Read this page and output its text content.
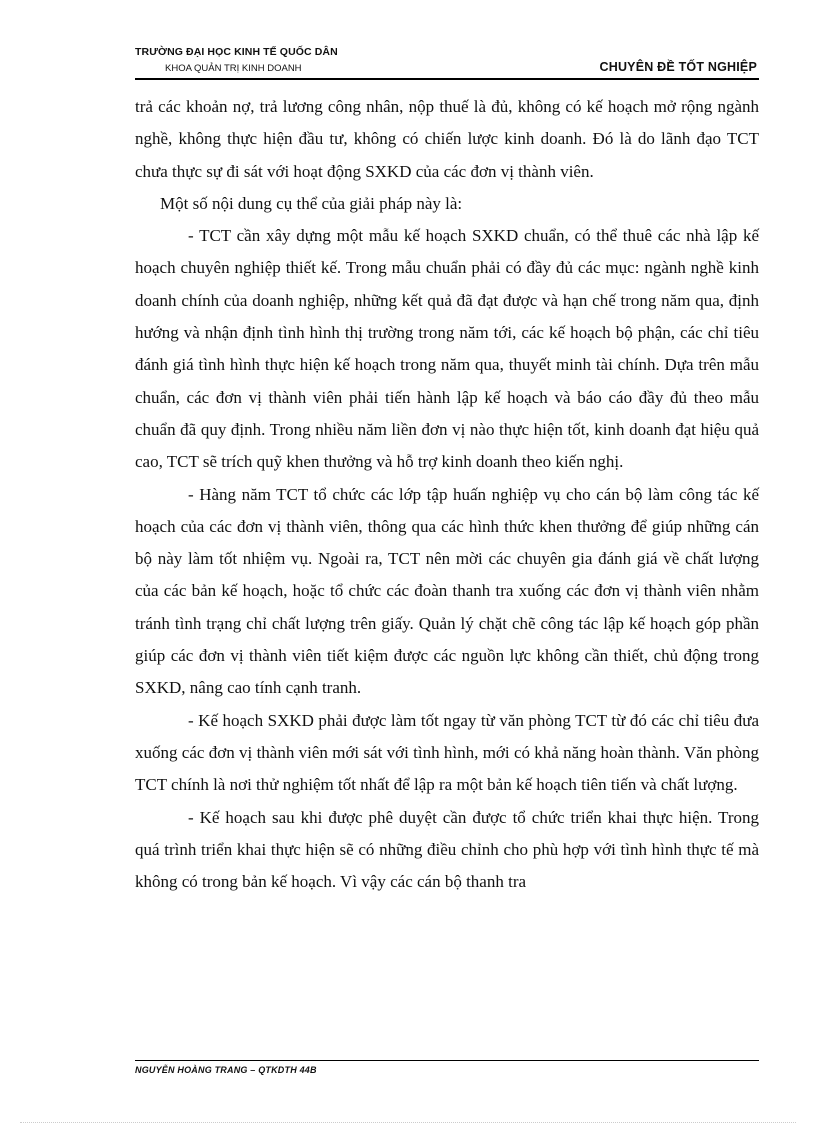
TRƯỜNG ĐẠI HỌC KINH TẾ QUỐC DÂN
KHOA QUẢN TRỊ KINH DOANH	CHUYÊN ĐỀ TỐT NGHIỆP

trả các khoản nợ, trả lương công nhân, nộp thuế là đủ, không có kế hoạch mở rộng ngành nghề, không thực hiện đầu tư, không có chiến lược kinh doanh. Đó là do lãnh đạo TCT chưa thực sự đi sát với hoạt động SXKD của các đơn vị thành viên.

Một số nội dung cụ thể của giải pháp này là:

- TCT cần xây dựng một mẫu kế hoạch SXKD chuẩn, có thể thuê các nhà lập kế hoạch chuyên nghiệp thiết kế. Trong mẫu chuẩn phải có đầy đủ các mục: ngành nghề kinh doanh chính của doanh nghiệp, những kết quả đã đạt được và hạn chế trong năm qua, định hướng và nhận định tình hình thị trường trong năm tới, các kế hoạch bộ phận, các chỉ tiêu đánh giá tình hình thực hiện kế hoạch trong năm qua, thuyết minh tài chính. Dựa trên mẫu chuẩn, các đơn vị thành viên phải tiến hành lập kế hoạch và báo cáo đầy đủ theo mẫu chuẩn đã quy định. Trong nhiều năm liền đơn vị nào thực hiện tốt, kinh doanh đạt hiệu quả cao, TCT sẽ trích quỹ khen thưởng và hỗ trợ kinh doanh theo kiến nghị.

- Hàng năm TCT tổ chức các lớp tập huấn nghiệp vụ cho cán bộ làm công tác kế hoạch của các đơn vị thành viên, thông qua các hình thức khen thưởng để giúp những cán bộ này làm tốt nhiệm vụ. Ngoài ra, TCT nên mời các chuyên gia đánh giá về chất lượng của các bản kế hoạch, hoặc tổ chức các đoàn thanh tra xuống các đơn vị thành viên nhằm tránh tình trạng chỉ chất lượng trên giấy. Quản lý chặt chẽ công tác lập kế hoạch góp phần giúp các đơn vị thành viên tiết kiệm được các nguồn lực không cần thiết, chủ động trong SXKD, nâng cao tính cạnh tranh.

- Kế hoạch SXKD phải được làm tốt ngay từ văn phòng TCT từ đó các chỉ tiêu đưa xuống các đơn vị thành viên mới sát với tình hình, mới có khả năng hoàn thành. Văn phòng TCT chính là nơi thử nghiệm tốt nhất để lập ra một bản kế hoạch tiên tiến và chất lượng.

- Kế hoạch sau khi được phê duyệt cần được tổ chức triển khai thực hiện. Trong quá trình triển khai thực hiện sẽ có những điều chỉnh cho phù hợp với tình hình thực tế mà không có trong bản kế hoạch. Vì vậy các cán bộ thanh tra

NGUYỄN HOÀNG TRANG – QTKDTH 44B
